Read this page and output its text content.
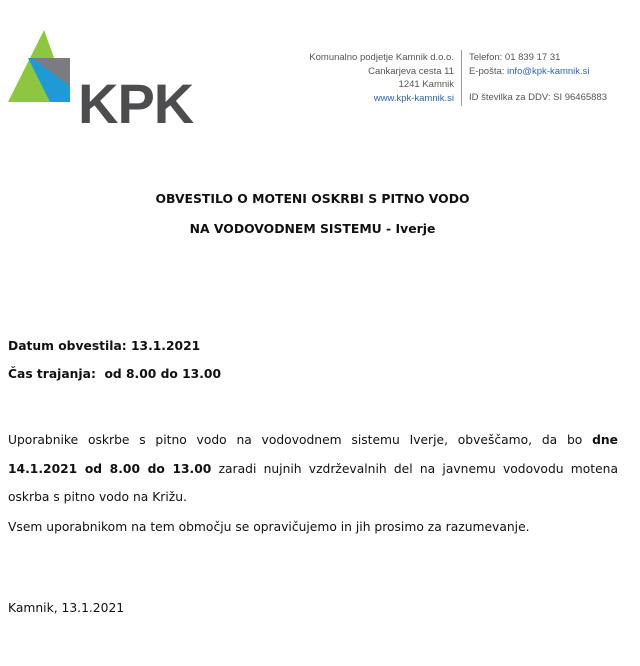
KPK
Komunalno podjetje Kamnik d.o.o.
Cankarjeva cesta 11
1241 Kamnik
www.kpk-kamnik.si
Telefon: 01 839 17 31
E-pošta: info@kpk-kamnik.si
ID številka za DDV: SI 96465883
OBVESTILO O MOTENI OSKRBI S PITNO VODO
NA VODOVODNEM SISTEMU - Iverje
Datum obvestila: 13.1.2021
Čas trajanja: od 8.00 do 13.00
Uporabnike oskrbe s pitno vodo na vodovodnem sistemu Iverje, obveščamo, da bo dne
14.1.2021 od 8.00 do 13.00 zaradi nujnih vzdrževalnih del na javnemu vodovodu motena
oskrba s pitno vodo na Križu.
Vsem uporabnikom na tem območju se opravičujemo in jih prosimo za razumevanje.
Kamnik, 13.1.2021
